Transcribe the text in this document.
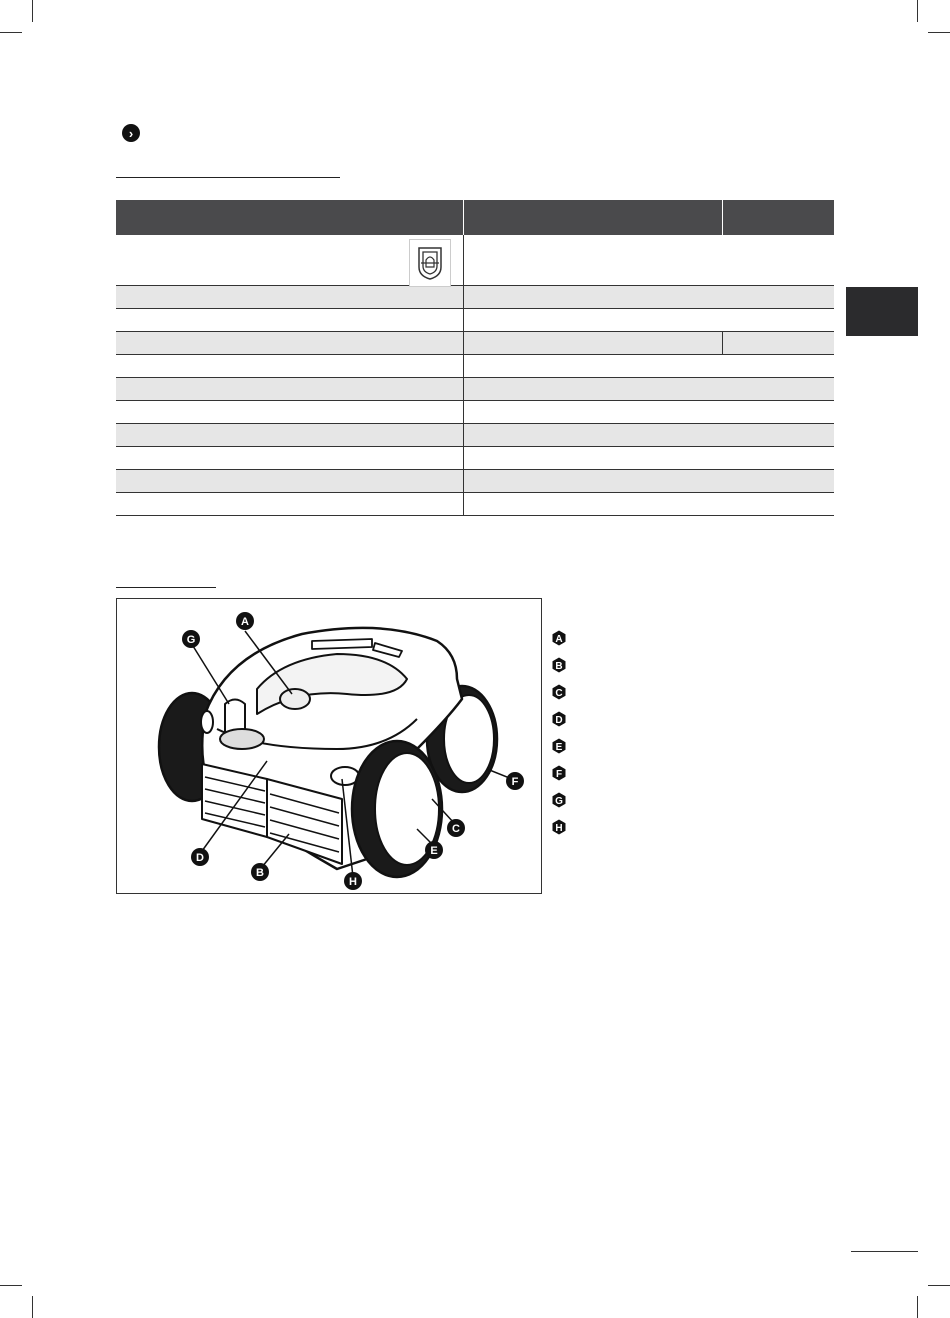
›

A
G
D
B
H
E
C
F
A
B
C
D
E
F
G
H
